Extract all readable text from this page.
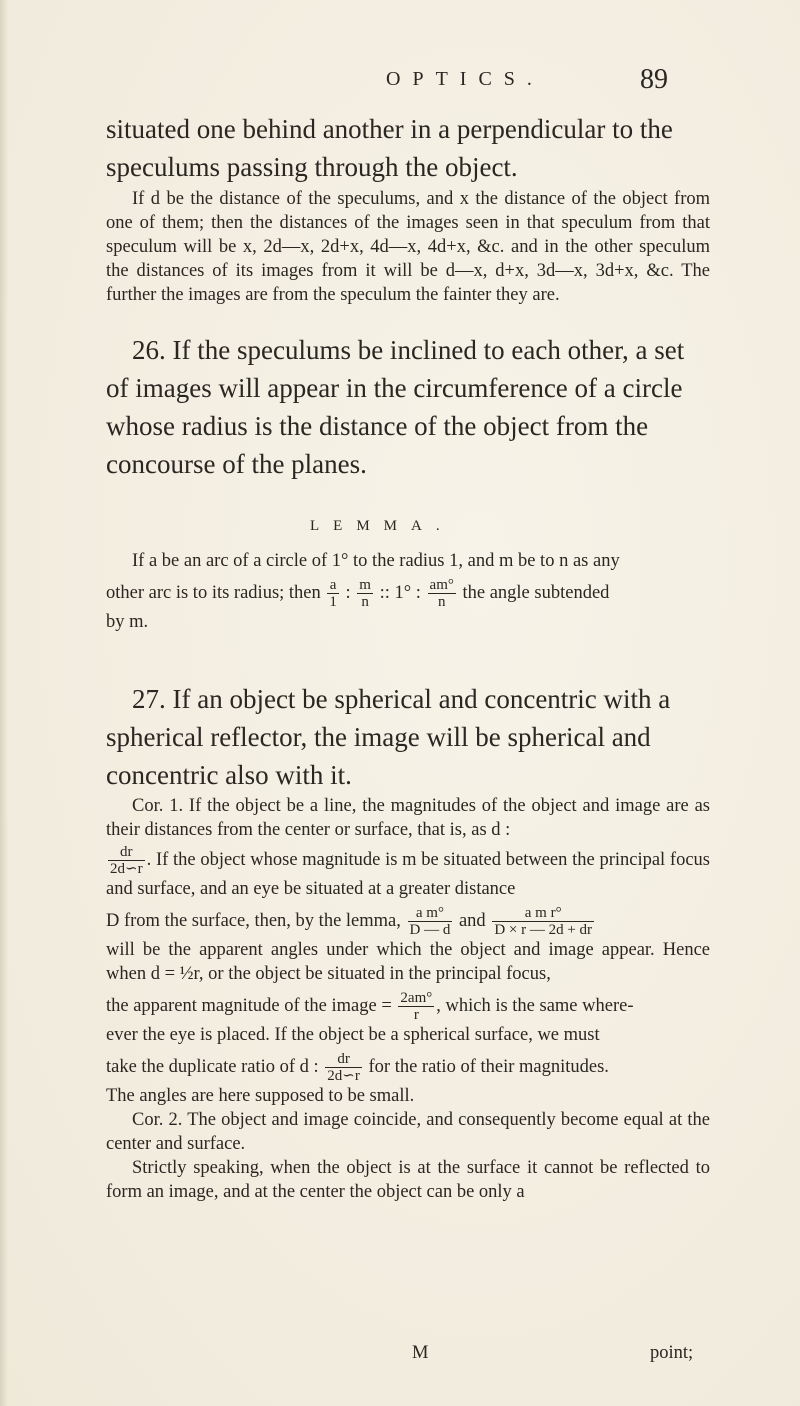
OPTICS.	89

situated one behind another in a perpendicular to the speculums passing through the object.

If d be the distance of the speculums, and x the distance of the object from one of them; then the distances of the images seen in that speculum from that speculum will be x, 2d—x, 2d+x, 4d—x, 4d+x, &c. and in the other speculum the distances of its images from it will be d—x, d+x, 3d—x, 3d+x, &c. The further the images are from the speculum the fainter they are.

26. If the speculums be inclined to each other, a set of images will appear in the circumference of a circle whose radius is the distance of the object from the concourse of the planes.

LEMMA.

If a be an arc of a circle of 1° to the radius 1, and m be to n as any

other arc is to its radius; then $\frac{a}{1}$ : $\frac{m}{n}$ :: 1° : $\frac{am^\circ}{n}$ the angle subtended

by m.

27. If an object be spherical and concentric with a spherical reflector, the image will be spherical and concentric also with it.

Cor. 1. If the object be a line, the magnitudes of the object and image are as their distances from the center or surface, that is, as d :

$\frac{dr}{2d∽r}$ . If the object whose magnitude is m be situated between the principal focus and surface, and an eye be situated at a greater distance

D from the surface, then, by the lemma, $\frac{\text{a m°}}{D — d}$ and $\frac{\text{a m r°}}{D \times r — 2d + dr}$

will be the apparent angles under which the object and image appear. Hence when d = ½r, or the object be situated in the principal focus,

the apparent magnitude of the image = $\frac{2am^\circ}{r}$ , which is the same where-

ever the eye is placed. If the object be a spherical surface, we must

take the duplicate ratio of d : $\frac{dr}{2d∽r}$ for the ratio of their magnitudes.

The angles are here supposed to be small.

Cor. 2. The object and image coincide, and consequently become equal at the center and surface.

Strictly speaking, when the object is at the surface it cannot be reflected to form an image, and at the center the object can be only a

M	point;
